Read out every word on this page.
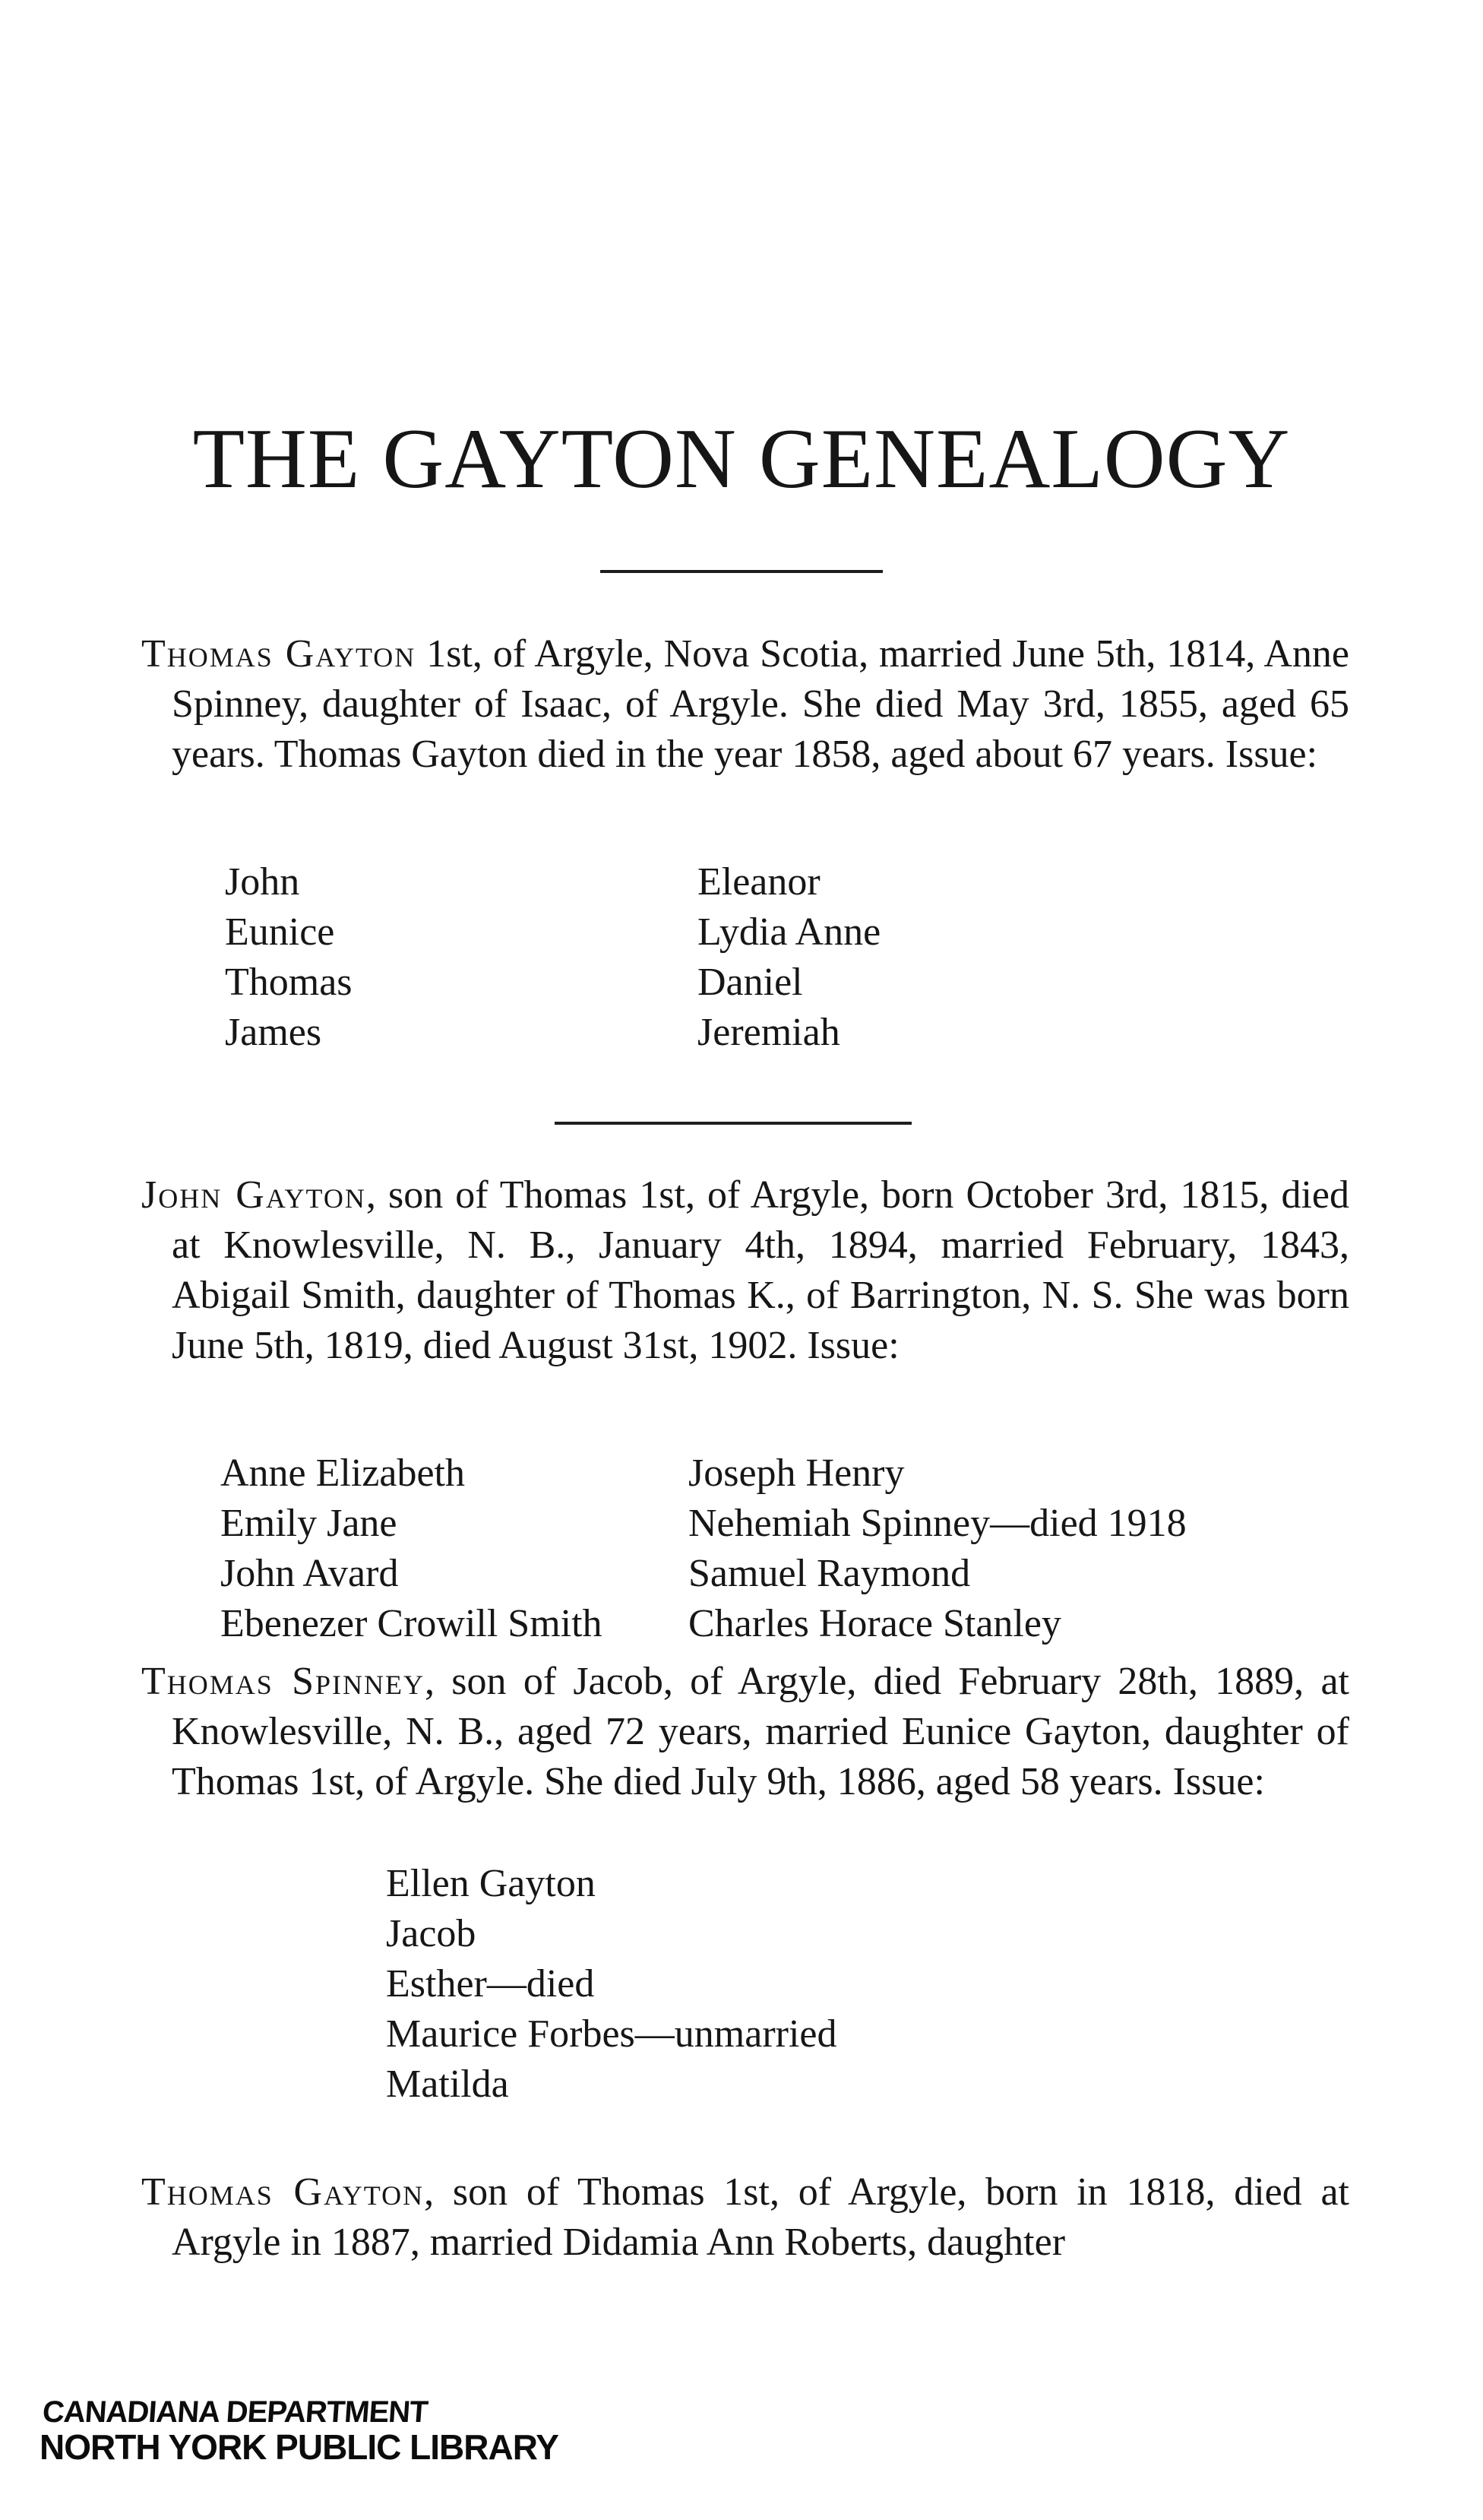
THE GAYTON GENEALOGY

Thomas Gayton 1st, of Argyle, Nova Scotia, married June 5th, 1814, Anne Spinney, daughter of Isaac, of Argyle. She died May 3rd, 1855, aged 65 years. Thomas Gayton died in the year 1858, aged about 67 years. Issue:

John
Eunice
Thomas
James
Eleanor
Lydia Anne
Daniel
Jeremiah

John Gayton, son of Thomas 1st, of Argyle, born October 3rd, 1815, died at Knowlesville, N. B., January 4th, 1894, married February, 1843, Abigail Smith, daughter of Thomas K., of Barrington, N. S. She was born June 5th, 1819, died August 31st, 1902. Issue:

Anne Elizabeth
Emily Jane
John Avard
Ebenezer Crowill Smith
Joseph Henry
Nehemiah Spinney—died 1918
Samuel Raymond
Charles Horace Stanley

Thomas Spinney, son of Jacob, of Argyle, died February 28th, 1889, at Knowlesville, N. B., aged 72 years, married Eunice Gayton, daughter of Thomas 1st, of Argyle. She died July 9th, 1886, aged 58 years. Issue:

Ellen Gayton
Jacob
Esther—died
Maurice Forbes—unmarried
Matilda

Thomas Gayton, son of Thomas 1st, of Argyle, born in 1818, died at Argyle in 1887, married Didamia Ann Roberts, daughter

CANADIANA DEPARTMENT
NORTH YORK PUBLIC LIBRARY
